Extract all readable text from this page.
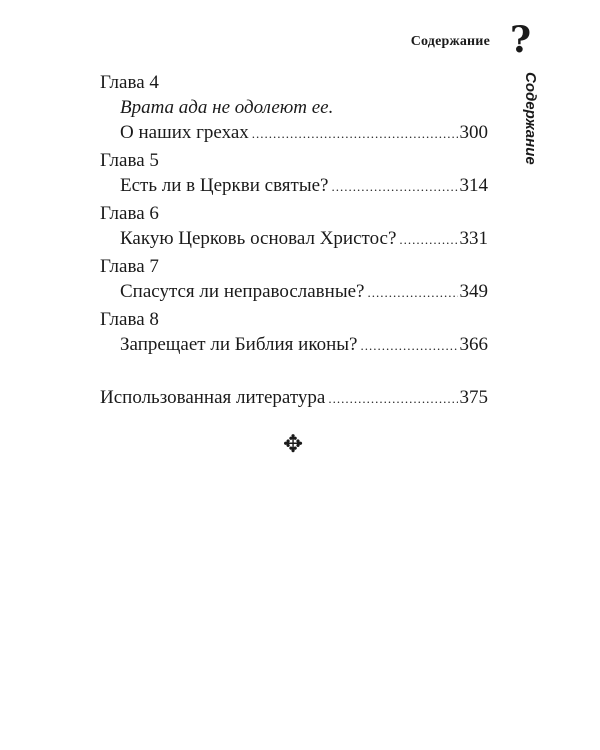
Содержание ?
Содержание
Глава 4
Врата ада не одолеют ее.
О наших грехах .....	300
Глава 5
Есть ли в Церкви святые? .....	314
Глава 6
Какую Церковь основал Христос? .....	331
Глава 7
Спасутся ли неправославные? .....	349
Глава 8
Запрещает ли Библия иконы? .....	366
Использованная литература .....	375
✥
